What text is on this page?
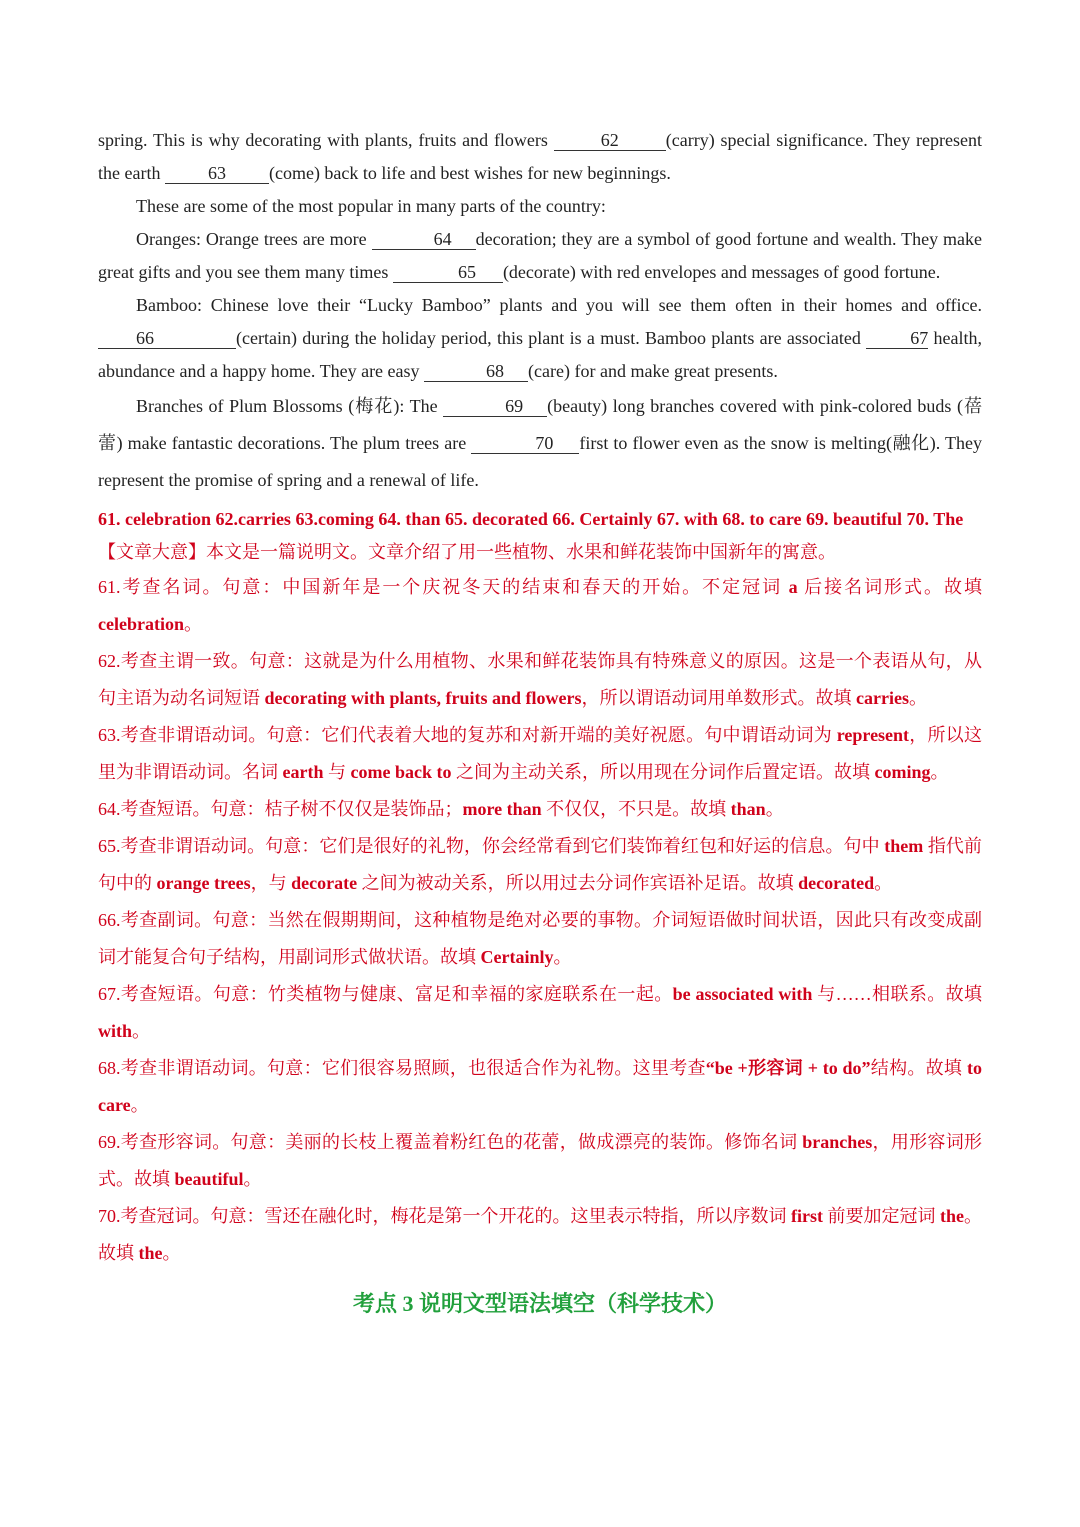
spring. This is why decorating with plants, fruits and flowers	62	(carry) special significance. They represent the earth 63 (come) back to life and best wishes for new beginnings.

These are some of the most popular in many parts of the country:

Oranges: Orange trees are more	64 decoration; they are a symbol of good fortune and wealth. They make great gifts and you see them many times	65 (decorate) with red envelopes and messages of good fortune.

Bamboo: Chinese love their “Lucky Bamboo” plants and you will see them often in their homes and office. 66	(certain) during the holiday period, this plant is a must. Bamboo plants are associated 67 health, abundance and a happy home. They are easy	68 (care) for and make great presents.

Branches of Plum Blossoms (梅花): The	69 (beauty) long branches covered with pink-colored buds (蓓蕾) make fantastic decorations. The plum trees are	70 first to flower even as the snow is melting(融化). They represent the promise of spring and a renewal of life.

61. celebration 62.carries 63.coming 64. than 65. decorated 66. Certainly 67. with 68. to care 69. beautiful 70. The

【文章大意】本文是一篇说明文。文章介绍了用一些植物、水果和鲜花装饰中国新年的寓意。

61.考查名词。句意：中国新年是一个庆祝冬天的结束和春天的开始。不定冠词 a 后接名词形式。故填 celebration。

62.考查主谓一致。句意：这就是为什么用植物、水果和鲜花装饰具有特殊意义的原因。这是一个表语从句，从句主语为动名词短语 decorating with plants, fruits and flowers，所以谓语动词用单数形式。故填 carries。

63.考查非谓语动词。句意：它们代表着大地的复苏和对新开端的美好祝愿。句中谓语动词为 represent，所以这里为非谓语动词。名词 earth 与 come back to 之间为主动关系，所以用现在分词作后置定语。故填 coming。

64.考查短语。句意：桔子树不仅仅是装饰品；more than 不仅仅，不只是。故填 than。

65.考查非谓语动词。句意：它们是很好的礼物，你会经常看到它们装饰着红包和好运的信息。句中 them 指代前句中的 orange trees，与 decorate 之间为被动关系，所以用过去分词作宾语补足语。故填 decorated。

66.考查副词。句意：当然在假期期间，这种植物是绝对必要的事物。介词短语做时间状语，因此只有改变成副词才能复合句子结构，用副词形式做状语。故填 Certainly。

67.考查短语。句意：竹类植物与健康、富足和幸福的家庭联系在一起。be associated with 与……相联系。故填 with。

68.考查非谓语动词。句意：它们很容易照顾，也很适合作为礼物。这里考查“be +形容词 + to do”结构。故填 to care。

69.考查形容词。句意：美丽的长枝上覆盖着粉红色的花蕾，做成漂亮的装饰。修饰名词 branches，用形容词形式。故填 beautiful。

70.考查冠词。句意：雪还在融化时，梅花是第一个开花的。这里表示特指，所以序数词 first 前要加定冠词 the。故填 the。

考点 3 说明文型语法填空（科学技术）
